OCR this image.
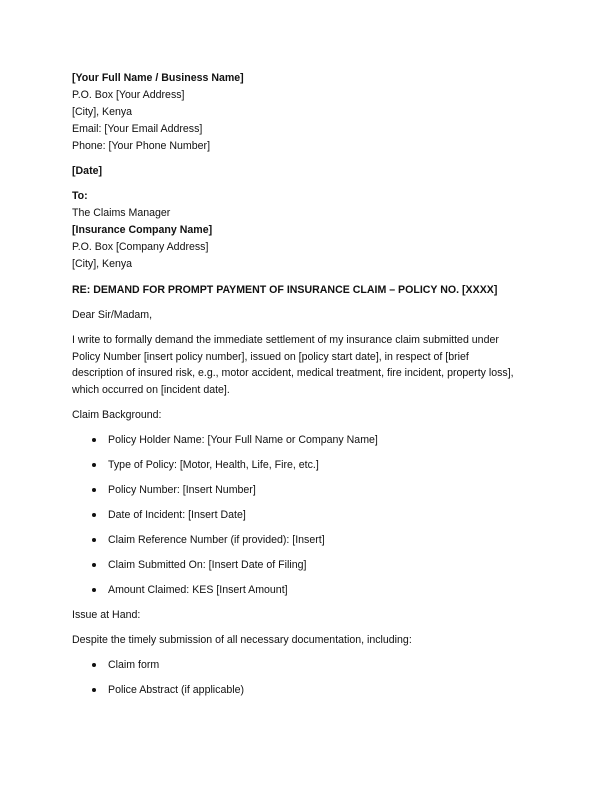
[Your Full Name / Business Name]
P.O. Box [Your Address]
[City], Kenya
Email: [Your Email Address]
Phone: [Your Phone Number]
[Date]
To:
The Claims Manager
[Insurance Company Name]
P.O. Box [Company Address]
[City], Kenya
RE: DEMAND FOR PROMPT PAYMENT OF INSURANCE CLAIM – POLICY NO. [XXXX]
Dear Sir/Madam,
I write to formally demand the immediate settlement of my insurance claim submitted under
Policy Number [insert policy number], issued on [policy start date], in respect of [brief
description of insured risk, e.g., motor accident, medical treatment, fire incident, property loss],
which occurred on [incident date].
Claim Background:
Policy Holder Name: [Your Full Name or Company Name]
Type of Policy: [Motor, Health, Life, Fire, etc.]
Policy Number: [Insert Number]
Date of Incident: [Insert Date]
Claim Reference Number (if provided): [Insert]
Claim Submitted On: [Insert Date of Filing]
Amount Claimed: KES [Insert Amount]
Issue at Hand:
Despite the timely submission of all necessary documentation, including:
Claim form
Police Abstract (if applicable)
